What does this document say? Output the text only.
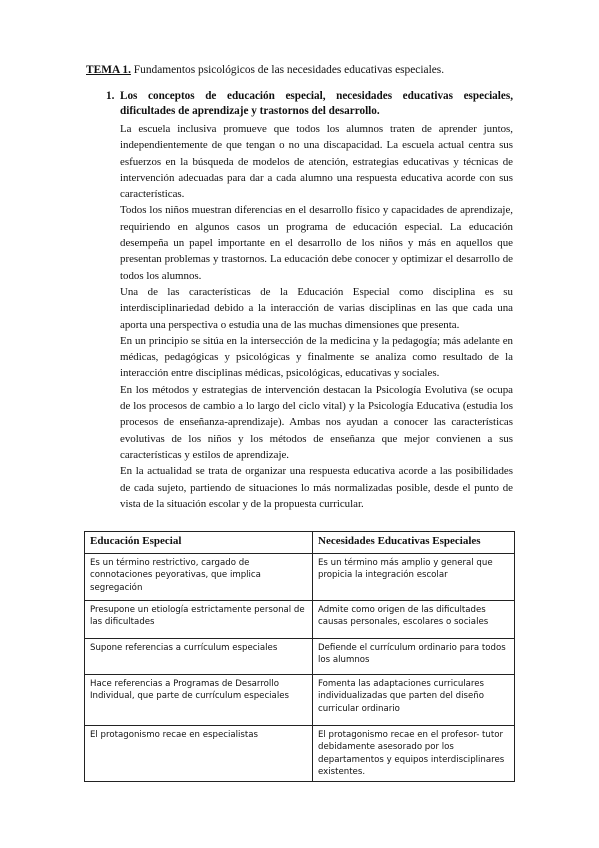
TEMA 1. Fundamentos psicológicos de las necesidades educativas especiales.
1. Los conceptos de educación especial, necesidades educativas especiales, dificultades de aprendizaje y trastornos del desarrollo.

La escuela inclusiva promueve que todos los alumnos traten de aprender juntos, independientemente de que tengan o no una discapacidad. La escuela actual centra sus esfuerzos en la búsqueda de modelos de atención, estrategias educativas y técnicas de intervención adecuadas para dar a cada alumno una respuesta educativa acorde con sus características.

Todos los niños muestran diferencias en el desarrollo físico y capacidades de aprendizaje, requiriendo en algunos casos un programa de educación especial. La educación desempeña un papel importante en el desarrollo de los niños y más en aquellos que presentan problemas y trastornos. La educación debe conocer y optimizar el desarrollo de todos los alumnos.

Una de las características de la Educación Especial como disciplina es su interdisciplinariedad debido a la interacción de varias disciplinas en las que cada una aporta una perspectiva o estudia una de las muchas dimensiones que presenta.

En un principio se sitúa en la intersección de la medicina y la pedagogía; más adelante en médicas, pedagógicas y psicológicas y finalmente se analiza como resultado de la interacción entre disciplinas médicas, psicológicas, educativas y sociales.

En los métodos y estrategias de intervención destacan la Psicología Evolutiva (se ocupa de los procesos de cambio a lo largo del ciclo vital) y la Psicología Educativa (estudia los procesos de enseñanza-aprendizaje). Ambas nos ayudan a conocer las características evolutivas de los niños y los métodos de enseñanza que mejor convienen a sus características y estilos de aprendizaje.

En la actualidad se trata de organizar una respuesta educativa acorde a las posibilidades de cada sujeto, partiendo de situaciones lo más normalizadas posible, desde el punto de vista de la situación escolar y de la propuesta curricular.

Educación Especial	Necesidades Educativas Especiales
Es un término restrictivo, cargado de connotaciones peyorativas, que implica segregación	Es un término más amplio y general que propicia la integración escolar
Presupone un etiología estrictamente personal de las dificultades	Admite como origen de las dificultades causas personales, escolares o sociales
Supone referencias a currículum especiales	Defiende el currículum ordinario para todos los alumnos
Hace referencias a Programas de Desarrollo Individual, que parte de currículum especiales	Fomenta las adaptaciones curriculares individualizadas que parten del diseño curricular ordinario
El protagonismo recae en especialistas	El protagonismo recae en el profesor- tutor debidamente asesorado por los departamentos y equipos interdisciplinares existentes.
